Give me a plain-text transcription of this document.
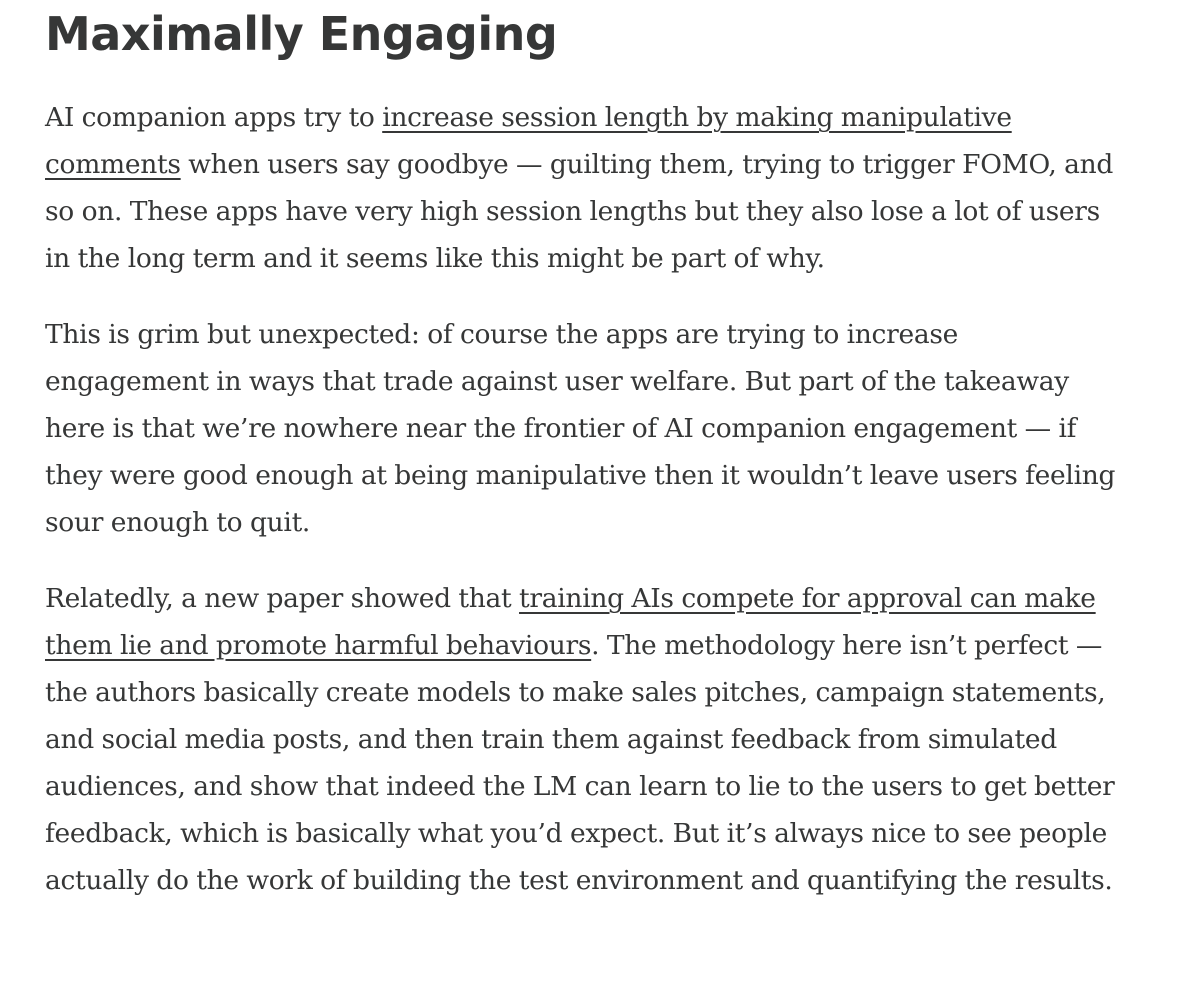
Maximally Engaging

AI companion apps try to increase session length by making manipulative comments when users say goodbye — guilting them, trying to trigger FOMO, and so on. These apps have very high session lengths but they also lose a lot of users in the long term and it seems like this might be part of why.

This is grim but unexpected: of course the apps are trying to increase engagement in ways that trade against user welfare. But part of the takeaway here is that we’re nowhere near the frontier of AI companion engagement — if they were good enough at being manipulative then it wouldn’t leave users feeling sour enough to quit.

Relatedly, a new paper showed that training AIs compete for approval can make them lie and promote harmful behaviours. The methodology here isn’t perfect — the authors basically create models to make sales pitches, campaign statements, and social media posts, and then train them against feedback from simulated audiences, and show that indeed the LM can learn to lie to the users to get better feedback, which is basically what you’d expect. But it’s always nice to see people actually do the work of building the test environment and quantifying the results.
